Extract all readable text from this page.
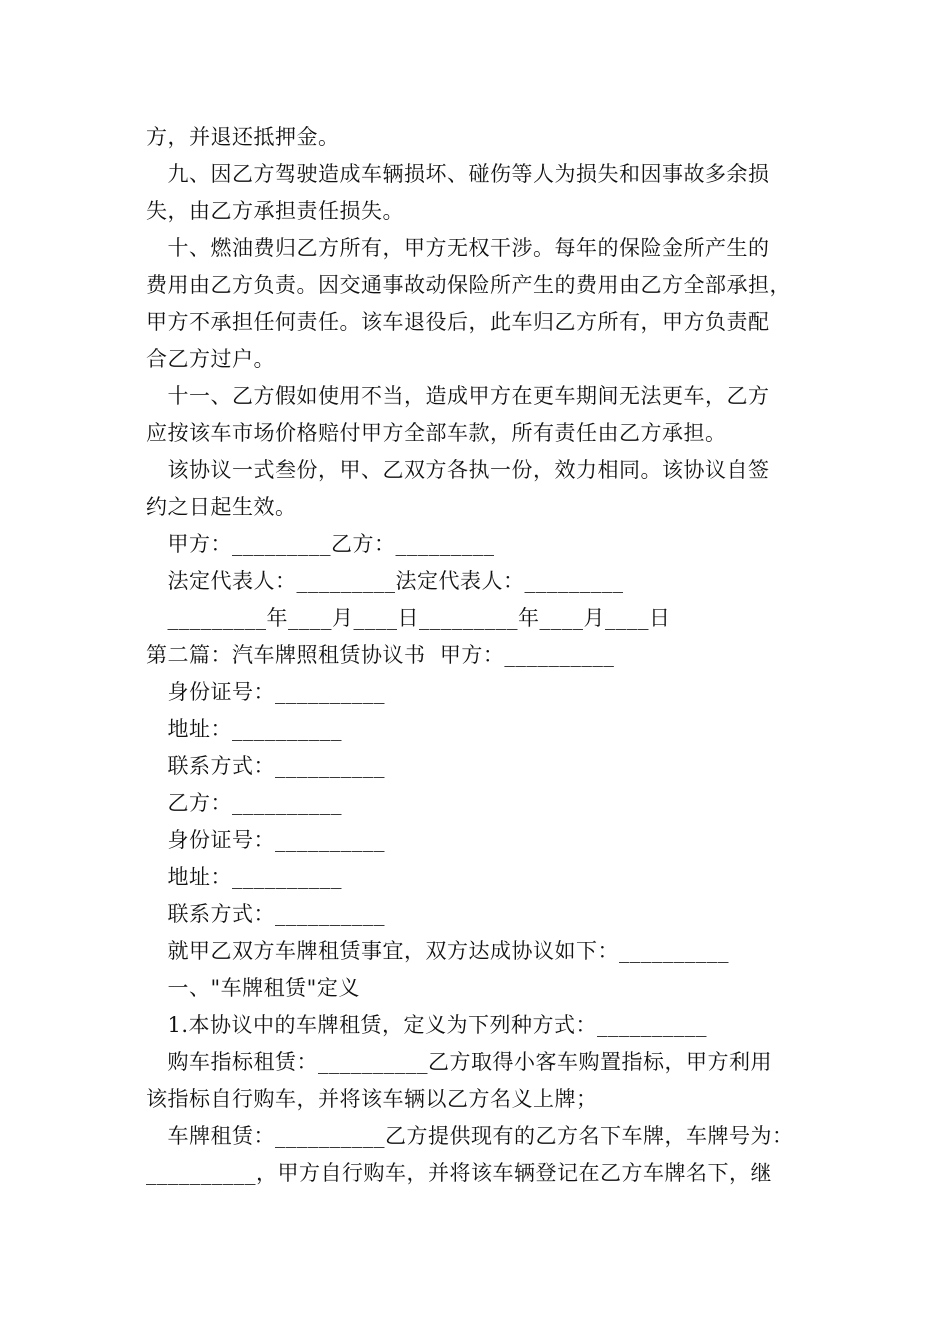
方，并退还抵押金。
九、因乙方驾驶造成车辆损坏、碰伤等人为损失和因事故多余损
失，由乙方承担责任损失。
十、燃油费归乙方所有，甲方无权干涉。每年的保险金所产生的
费用由乙方负责。因交通事故动保险所产生的费用由乙方全部承担，
甲方不承担任何责任。该车退役后，此车归乙方所有，甲方负责配
合乙方过户。
十一、乙方假如使用不当，造成甲方在更车期间无法更车，乙方
应按该车市场价格赔付甲方全部车款，所有责任由乙方承担。
该协议一式叁份，甲、乙双方各执一份，效力相同。该协议自签
约之日起生效。
甲方：_________乙方：_________
法定代表人：_________法定代表人：_________
_________年____月____日_________年____月____日
第二篇：汽车牌照租赁协议书  甲方：__________
身份证号：__________
地址：__________
联系方式：__________
乙方：__________
身份证号：__________
地址：__________
联系方式：__________
就甲乙双方车牌租赁事宜，双方达成协议如下：__________
一、"车牌租赁"定义
1.本协议中的车牌租赁，定义为下列种方式：__________
购车指标租赁：__________乙方取得小客车购置指标，甲方利用
该指标自行购车，并将该车辆以乙方名义上牌；
车牌租赁：__________乙方提供现有的乙方名下车牌，车牌号为：
__________，甲方自行购车，并将该车辆登记在乙方车牌名下，继
